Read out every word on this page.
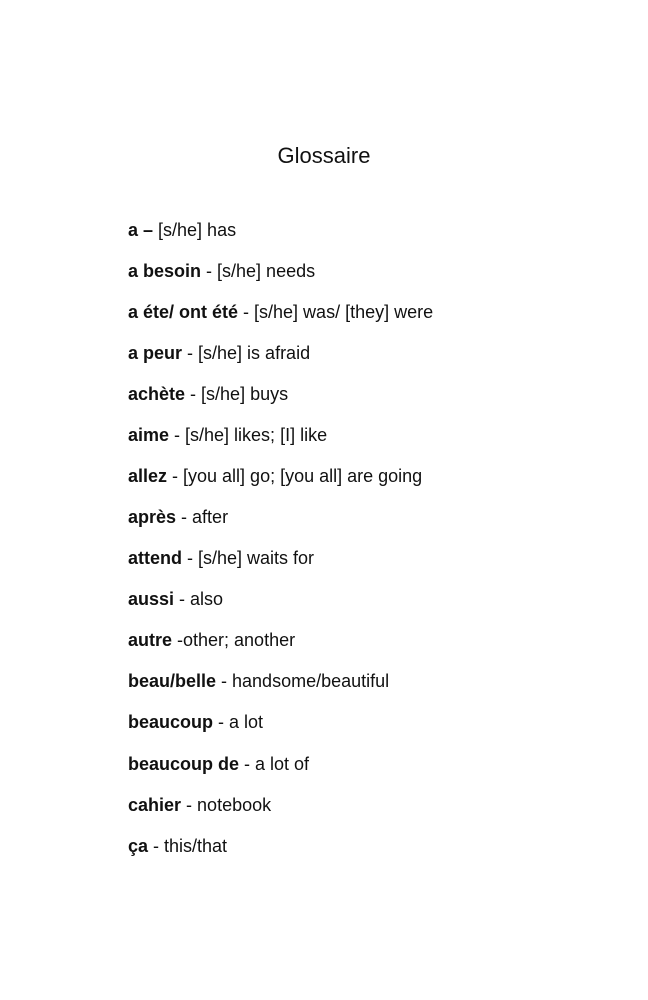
Glossaire
a – [s/he] has
a besoin - [s/he] needs
a éte/ ont été - [s/he] was/ [they] were
a peur - [s/he] is afraid
achète - [s/he] buys
aime - [s/he] likes; [I] like
allez - [you all] go; [you all] are going
après - after
attend - [s/he] waits for
aussi - also
autre -other; another
beau/belle - handsome/beautiful
beaucoup - a lot
beaucoup de - a lot of
cahier - notebook
ça - this/that
